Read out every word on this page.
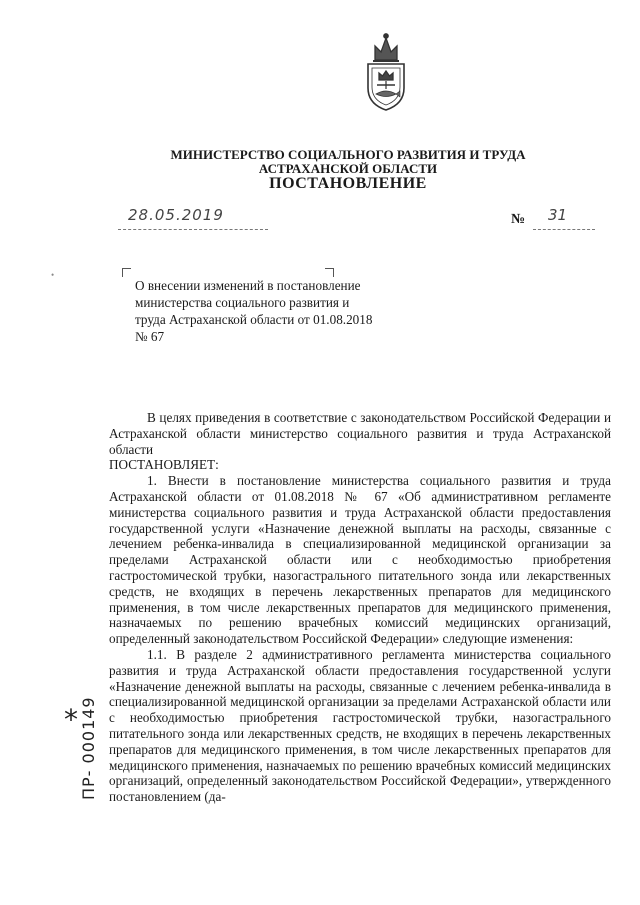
МИНИСТЕРСТВО СОЦИАЛЬНОГО РАЗВИТИЯ И ТРУДА

АСТРАХАНСКОЙ ОБЛАСТИ

ПОСТАНОВЛЕНИЕ

28.05.2019	№ 31
•

О внесении изменений в постановление министерства социального развития и труда Астраханской области от 01.08.2018 № 67

В целях приведения в соответствие с законодательством Российской Федерации и Астраханской области министерство социального развития и труда Астраханской области

ПОСТАНОВЛЯЕТ:

1. Внести в постановление министерства социального развития и труда Астраханской области от 01.08.2018 № 67 «Об административном регламенте министерства социального развития и труда Астраханской области предоставления государственной услуги «Назначение денежной выплаты на расходы, связанные с лечением ребенка-инвалида в специализированной медицинской организации за пределами Астраханской области или с необходимостью приобретения гастростомической трубки, назогастрального питательного зонда или лекарственных средств, не входящих в перечень лекарственных препаратов для медицинского применения, в том числе лекарственных препаратов для медицинского применения, назначаемых по решению врачебных комиссий медицинских организаций, определенный законодательством Российской Федерации» следующие изменения:

1.1. В разделе 2 административного регламента министерства социального развития и труда Астраханской области предоставления государственной услуги «Назначение денежной выплаты на расходы, связанные с лечением ребенка-инвалида в специализированной медицинской организации за пределами Астраханской области или с необходимостью приобретения гастростомической трубки, назогастрального питательного зонда или лекарственных средств, не входящих в перечень лекарственных препаратов для медицинского применения, в том числе лекарственных препаратов для медицинского применения, назначаемых по решению врачебных комиссий медицинских организаций, определенный законодательством Российской Федерации», утвержденного постановлением (да-

* ПР- 000149
